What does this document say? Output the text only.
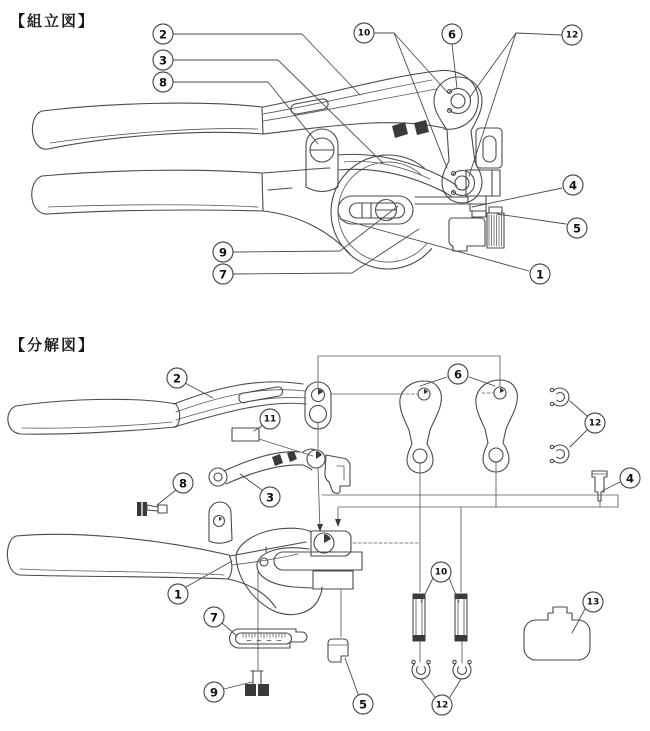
【組立図】
【分解図】
2
3
8
10	6	12
4
5
1
9
7
2
11
3
6
12
4
8
1
7
9
5
10
12
13
